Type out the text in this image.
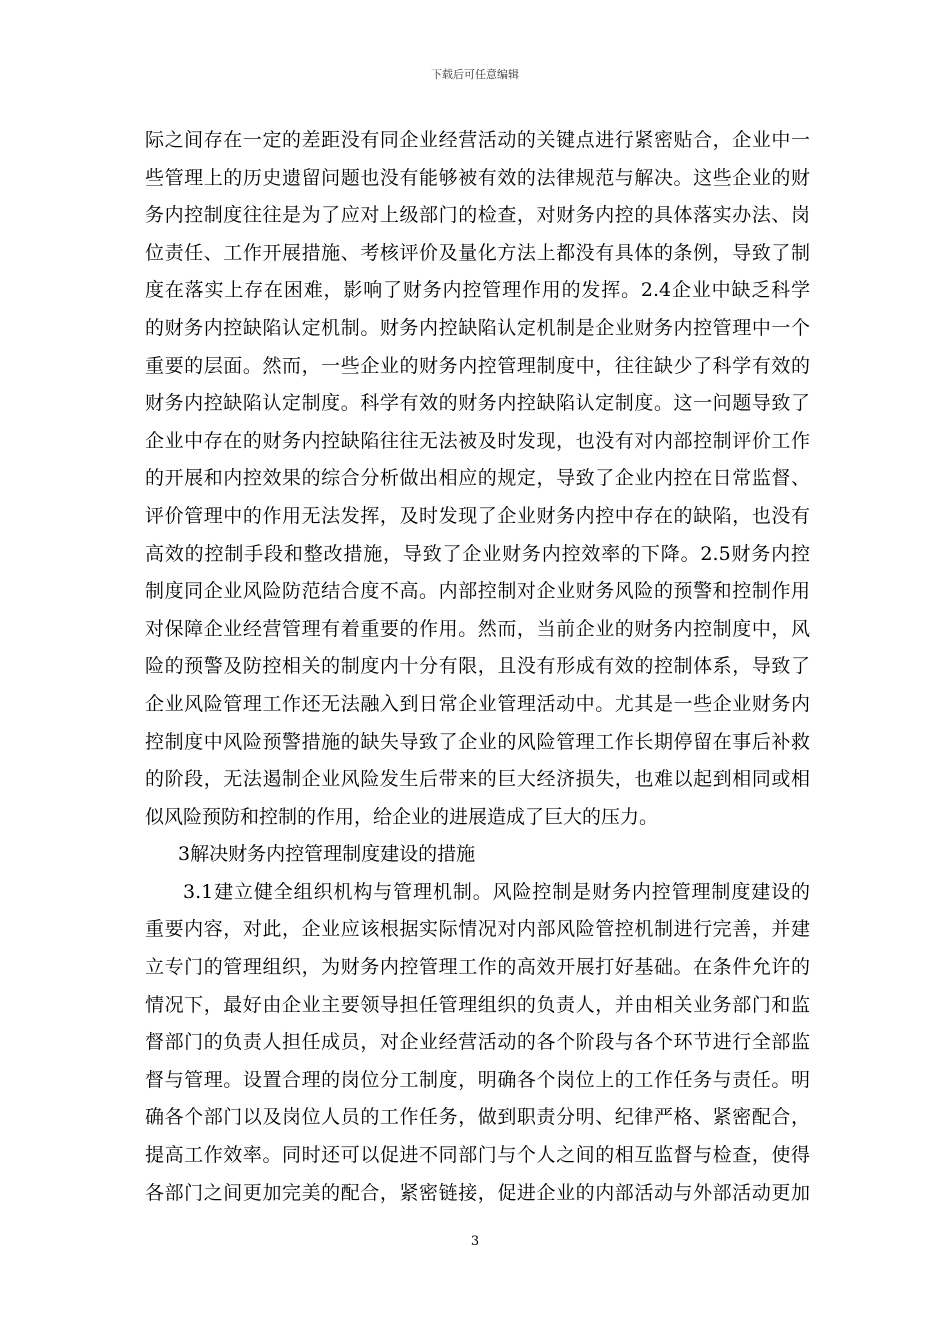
下载后可任意编辑
际之间存在一定的差距没有同企业经营活动的关键点进行紧密贴合，企业中一
些管理上的历史遗留问题也没有能够被有效的法律规范与解决。这些企业的财
务内控制度往往是为了应对上级部门的检查，对财务内控的具体落实办法、岗
位责任、工作开展措施、考核评价及量化方法上都没有具体的条例，导致了制
度在落实上存在困难，影响了财务内控管理作用的发挥。2.4企业中缺乏科学
的财务内控缺陷认定机制。财务内控缺陷认定机制是企业财务内控管理中一个
重要的层面。然而，一些企业的财务内控管理制度中，往往缺少了科学有效的
财务内控缺陷认定制度。科学有效的财务内控缺陷认定制度。这一问题导致了
企业中存在的财务内控缺陷往往无法被及时发现，也没有对内部控制评价工作
的开展和内控效果的综合分析做出相应的规定，导致了企业内控在日常监督、
评价管理中的作用无法发挥，及时发现了企业财务内控中存在的缺陷，也没有
高效的控制手段和整改措施，导致了企业财务内控效率的下降。2.5财务内控
制度同企业风险防范结合度不高。内部控制对企业财务风险的预警和控制作用
对保障企业经营管理有着重要的作用。然而，当前企业的财务内控制度中，风
险的预警及防控相关的制度内十分有限，且没有形成有效的控制体系，导致了
企业风险管理工作还无法融入到日常企业管理活动中。尤其是一些企业财务内
控制度中风险预警措施的缺失导致了企业的风险管理工作长期停留在事后补救
的阶段，无法遏制企业风险发生后带来的巨大经济损失，也难以起到相同或相
似风险预防和控制的作用，给企业的进展造成了巨大的压力。
3解决财务内控管理制度建设的措施
3.1建立健全组织机构与管理机制。风险控制是财务内控管理制度建设的
重要内容，对此，企业应该根据实际情况对内部风险管控机制进行完善，并建
立专门的管理组织，为财务内控管理工作的高效开展打好基础。在条件允许的
情况下，最好由企业主要领导担任管理组织的负责人，并由相关业务部门和监
督部门的负责人担任成员，对企业经营活动的各个阶段与各个环节进行全部监
督与管理。设置合理的岗位分工制度，明确各个岗位上的工作任务与责任。明
确各个部门以及岗位人员的工作任务，做到职责分明、纪律严格、紧密配合，
提高工作效率。同时还可以促进不同部门与个人之间的相互监督与检查，使得
各部门之间更加完美的配合，紧密链接，促进企业的内部活动与外部活动更加
3
